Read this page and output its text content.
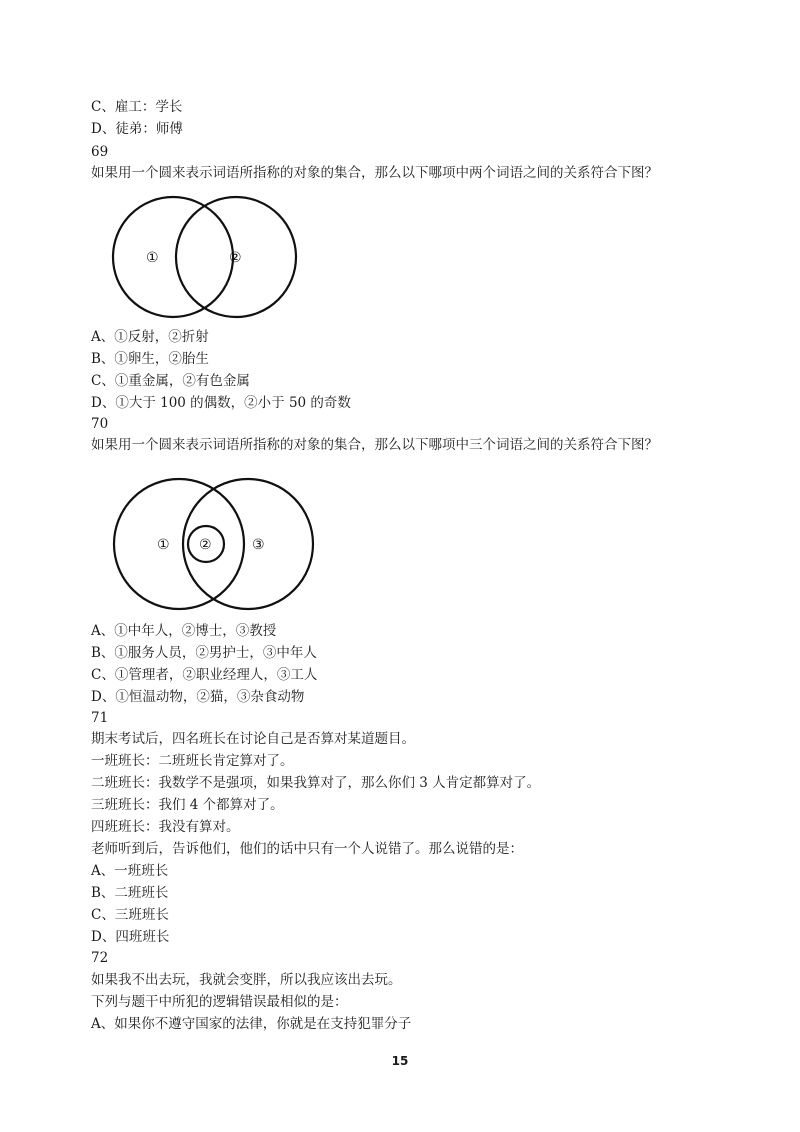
C、雇工：学长
D、徒弟：师傅
69
如果用一个圆来表示词语所指称的对象的集合，那么以下哪项中两个词语之间的关系符合下图？
①	②
A、①反射，②折射
B、①卵生，②胎生
C、①重金属，②有色金属
D、①大于 100 的偶数，②小于 50 的奇数
70
如果用一个圆来表示词语所指称的对象的集合，那么以下哪项中三个词语之间的关系符合下图？
① ②	③
A、①中年人，②博士，③教授
B、①服务人员，②男护士，③中年人
C、①管理者，②职业经理人，③工人
D、①恒温动物，②猫，③杂食动物
71
期末考试后，四名班长在讨论自己是否算对某道题目。
一班班长：二班班长肯定算对了。
二班班长：我数学不是强项，如果我算对了，那么你们 3 人肯定都算对了。
三班班长：我们 4 个都算对了。
四班班长：我没有算对。
老师听到后，告诉他们，他们的话中只有一个人说错了。那么说错的是：
A、一班班长
B、二班班长
C、三班班长
D、四班班长
72
如果我不出去玩，我就会变胖，所以我应该出去玩。
下列与题干中所犯的逻辑错误最相似的是：
A、如果你不遵守国家的法律，你就是在支持犯罪分子
15
